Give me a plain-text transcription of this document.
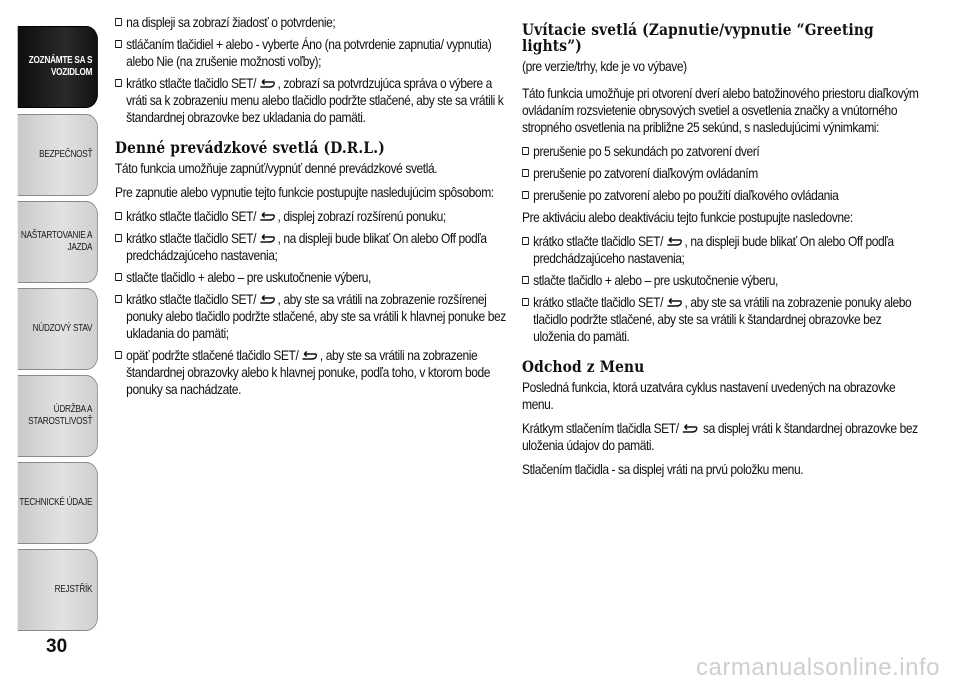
ZOZNÁMTE SA S VOZIDLOM
BEZPEČNOSŤ
NAŠTARTOVANIE A JAZDA
NÚDZOVÝ STAV
ÚDRŽBA A STAROSTLIVOSŤ
TECHNICKÉ ÚDAJE
REJSTŘÍK
30
carmanualsonline.info
na displeji sa zobrazí žiadosť o potvrdenie;
stláčaním tlačidiel + alebo - vyberte Áno (na potvrdenie zapnutia/ vypnutia) alebo Nie (na zrušenie možnosti voľby);
krátko stlačte tlačidlo SET/ , zobrazí sa potvrdzujúca správa o výbere a vráti sa k zobrazeniu menu alebo tlačidlo podržte stlačené, aby ste sa vrátili k štandardnej obrazovke bez ukladania do pamäti.
Denné prevádzkové svetlá (D.R.L.)

Táto funkcia umožňuje zapnúť/vypnúť denné prevádzkové svetlá.

Pre zapnutie alebo vypnutie tejto funkcie postupujte nasledujúcim spôsobom:

krátko stlačte tlačidlo SET/ , displej zobrazí rozšírenú ponuku;
krátko stlačte tlačidlo SET/ , na displeji bude blikať On alebo Off podľa predchádzajúceho nastavenia;
stlačte tlačidlo + alebo – pre uskutočnenie výberu,
krátko stlačte tlačidlo SET/ , aby ste sa vrátili na zobrazenie rozšírenej ponuky alebo tlačidlo podržte stlačené, aby ste sa vrátili k hlavnej ponuke bez ukladania do pamäti;
opäť podržte stlačené tlačidlo SET/ , aby ste sa vrátili na zobrazenie štandardnej obrazovky alebo k hlavnej ponuke, podľa toho, v ktorom bode ponuky sa nachádzate.
Uvítacie svetlá (Zapnutie/vypnutie “Greeting lights”)

(pre verzie/trhy, kde je vo výbave)

Táto funkcia umožňuje pri otvorení dverí alebo batožinového priestoru diaľkovým ovládaním rozsvietenie obrysových svetiel a osvetlenia značky a vnútorného stropného osvetlenia na približne 25 sekúnd, s nasledujúcimi výnimkami:

prerušenie po 5 sekundách po zatvorení dverí
prerušenie po zatvorení diaľkovým ovládaním
prerušenie po zatvorení alebo po použití diaľkového ovládania

Pre aktiváciu alebo deaktiváciu tejto funkcie postupujte nasledovne:

krátko stlačte tlačidlo SET/ , na displeji bude blikať On alebo Off podľa predchádzajúceho nastavenia;
stlačte tlačidlo + alebo – pre uskutočnenie výberu,
krátko stlačte tlačidlo SET/ , aby ste sa vrátili na zobrazenie ponuky alebo tlačidlo podržte stlačené, aby ste sa vrátili k štandardnej obrazovke bez uloženia do pamäti.
Odchod z Menu

Posledná funkcia, ktorá uzatvára cyklus nastavení uvedených na obrazovke menu.

Krátkym stlačením tlačidla SET/ sa displej vráti k štandardnej obrazovke bez uloženia údajov do pamäti.

Stlačením tlačidla - sa displej vráti na prvú položku menu.
